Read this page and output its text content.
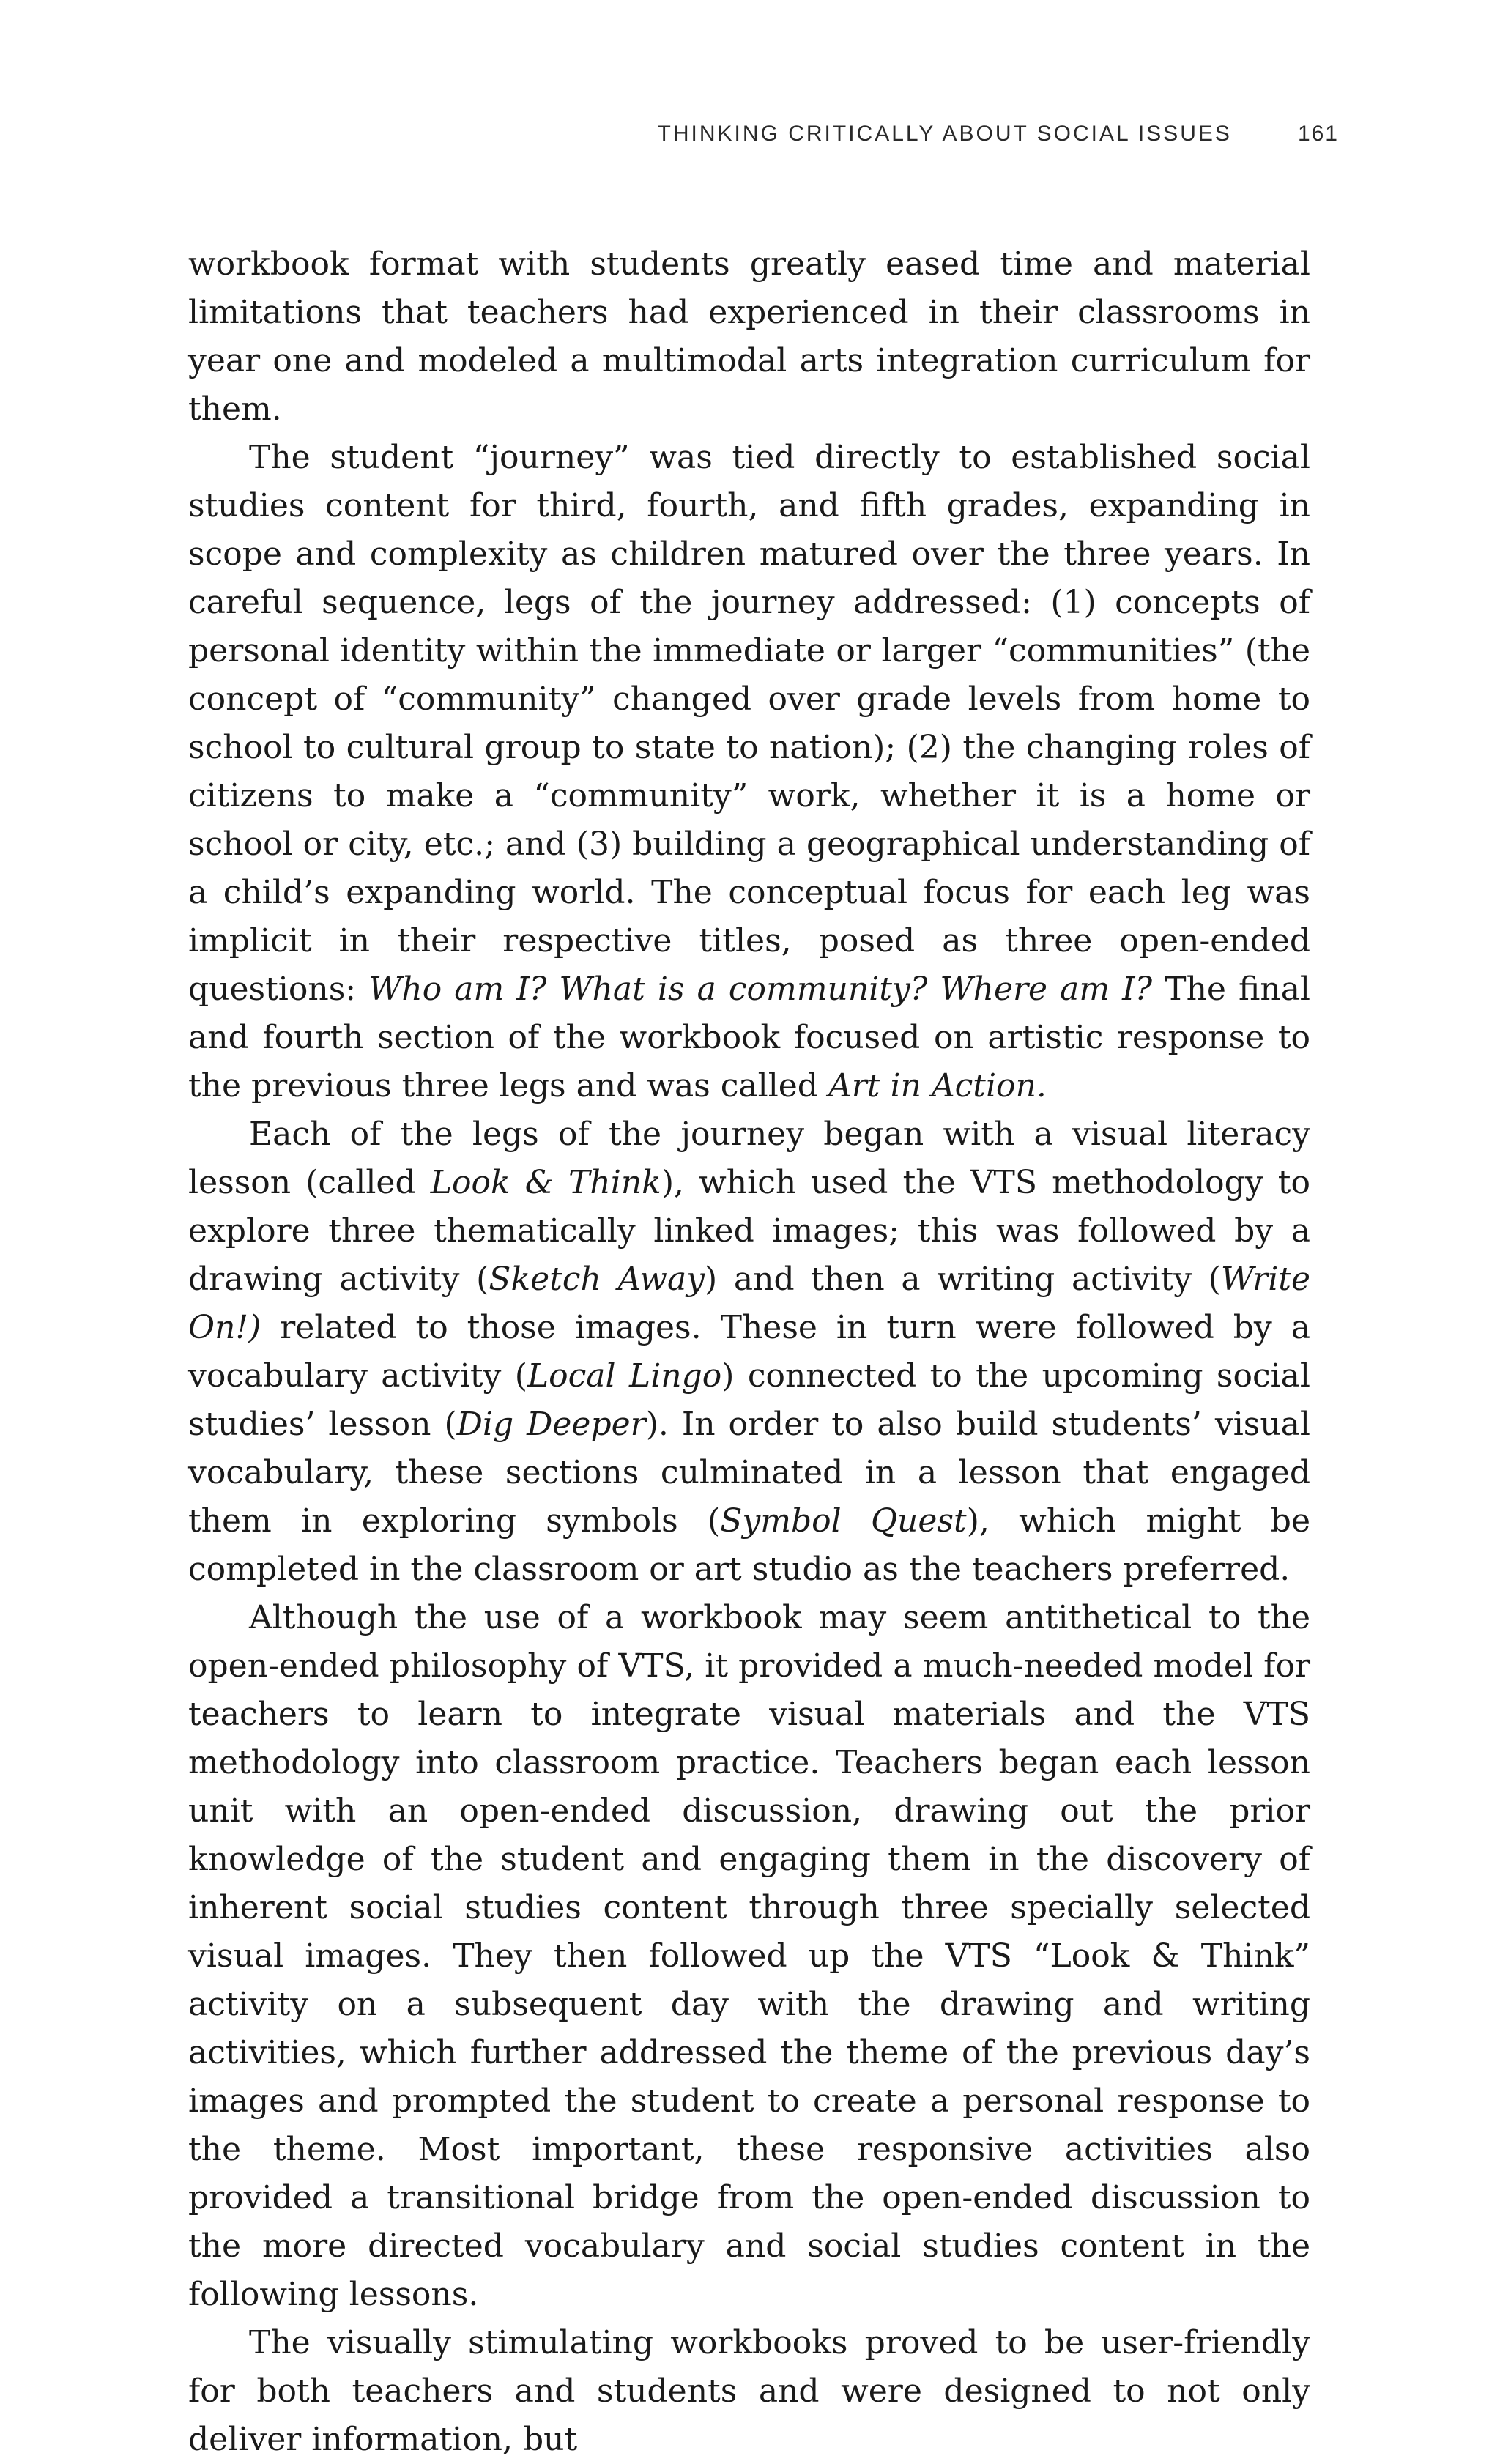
THINKING CRITICALLY ABOUT SOCIAL ISSUES	161

workbook format with students greatly eased time and material limitations that teachers had experienced in their classrooms in year one and modeled a multimodal arts integration curriculum for them.

The student “journey” was tied directly to established social studies content for third, fourth, and fifth grades, expanding in scope and complexity as children matured over the three years. In careful sequence, legs of the journey addressed: (1) concepts of personal identity within the immediate or larger “communities” (the concept of “community” changed over grade levels from home to school to cultural group to state to nation); (2) the changing roles of citizens to make a “community” work, whether it is a home or school or city, etc.; and (3) building a geographical understanding of a child’s expanding world. The conceptual focus for each leg was implicit in their respective titles, posed as three open-ended questions: Who am I? What is a community? Where am I? The final and fourth section of the workbook focused on artistic response to the previous three legs and was called Art in Action.

Each of the legs of the journey began with a visual literacy lesson (called Look & Think), which used the VTS methodology to explore three thematically linked images; this was followed by a drawing activity (Sketch Away) and then a writing activity (Write On!) related to those images. These in turn were followed by a vocabulary activity (Local Lingo) connected to the upcoming social studies’ lesson (Dig Deeper). In order to also build students’ visual vocabulary, these sections culminated in a lesson that engaged them in exploring symbols (Symbol Quest), which might be completed in the classroom or art studio as the teachers preferred.

Although the use of a workbook may seem antithetical to the open-ended philosophy of VTS, it provided a much-needed model for teachers to learn to integrate visual materials and the VTS methodology into classroom practice. Teachers began each lesson unit with an open-ended discussion, drawing out the prior knowledge of the student and engaging them in the discovery of inherent social studies content through three specially selected visual images. They then followed up the VTS “Look & Think” activity on a subsequent day with the drawing and writing activities, which further addressed the theme of the previous day’s images and prompted the student to create a personal response to the theme. Most important, these responsive activities also provided a transitional bridge from the open-ended discussion to the more directed vocabulary and social studies content in the following lessons.

The visually stimulating workbooks proved to be user-friendly for both teachers and students and were designed to not only deliver information, but
